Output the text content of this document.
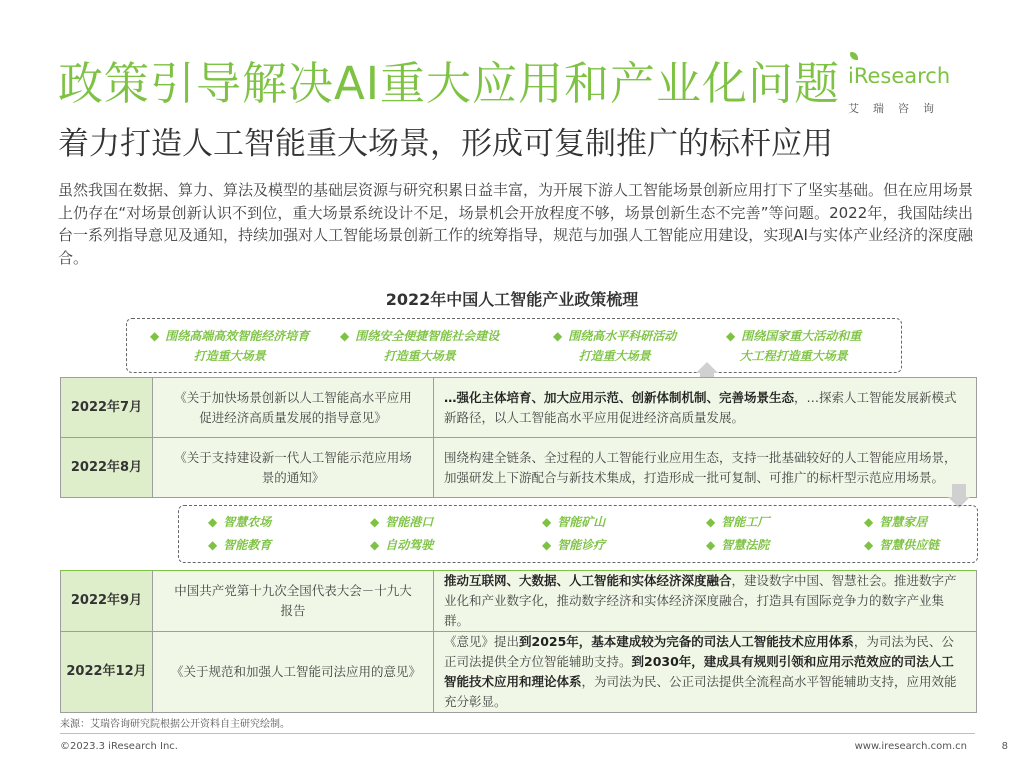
政策引导解决AI重大应用和产业化问题 iResearch
艾瑞咨询
着力打造人工智能重大场景，形成可复制推广的标杆应用
虽然我国在数据、算力、算法及模型的基础层资源与研究积累日益丰富，为开展下游人工智能场景创新应用打下了坚实基础。但在应用场景上仍存在“对场景创新认识不到位，重大场景系统设计不足，场景机会开放程度不够，场景创新生态不完善”等问题。2022年，我国陆续出台一系列指导意见及通知，持续加强对人工智能场景创新工作的统筹指导，规范与加强人工智能应用建设，实现AI与实体产业经济的深度融合。
2022年中国人工智能产业政策梳理
◆ 围绕高端高效智能经济培育
打造重大场景
◆ 围绕安全便捷智能社会建设
打造重大场景
◆ 围绕高水平科研活动
打造重大场景
◆ 围绕国家重大活动和重
大工程打造重大场景
2022年7月	《关于加快场景创新以人工智能高水平应用促进经济高质量发展的指导意见》	…强化主体培育、加大应用示范、创新体制机制、完善场景生态，…探索人工智能发展新模式新路径，以人工智能高水平应用促进经济高质量发展。
2022年8月	《关于支持建设新一代人工智能示范应用场景的通知》	围绕构建全链条、全过程的人工智能行业应用生态，支持一批基础较好的人工智能应用场景，加强研发上下游配合与新技术集成，打造形成一批可复制、可推广的标杆型示范应用场景。
◆ 智慧农场	◆ 智能港口	◆ 智能矿山	◆ 智能工厂	◆ 智慧家居
◆ 智能教育	◆ 自动驾驶	◆ 智能诊疗	◆ 智慧法院	◆ 智慧供应链
2022年9月	中国共产党第十九次全国代表大会－十九大报告	推动互联网、大数据、人工智能和实体经济深度融合，建设数字中国、智慧社会。推进数字产业化和产业数字化，推动数字经济和实体经济深度融合，打造具有国际竞争力的数字产业集群。
2022年12月	《关于规范和加强人工智能司法应用的意见》	《意见》提出到2025年，基本建成较为完备的司法人工智能技术应用体系，为司法为民、公正司法提供全方位智能辅助支持。到2030年，建成具有规则引领和应用示范效应的司法人工智能技术应用和理论体系，为司法为民、公正司法提供全流程高水平智能辅助支持，应用效能充分彰显。
来源：艾瑞咨询研究院根据公开资料自主研究绘制。
©2023.3 iResearch Inc.	www.iresearch.com.cn	8
